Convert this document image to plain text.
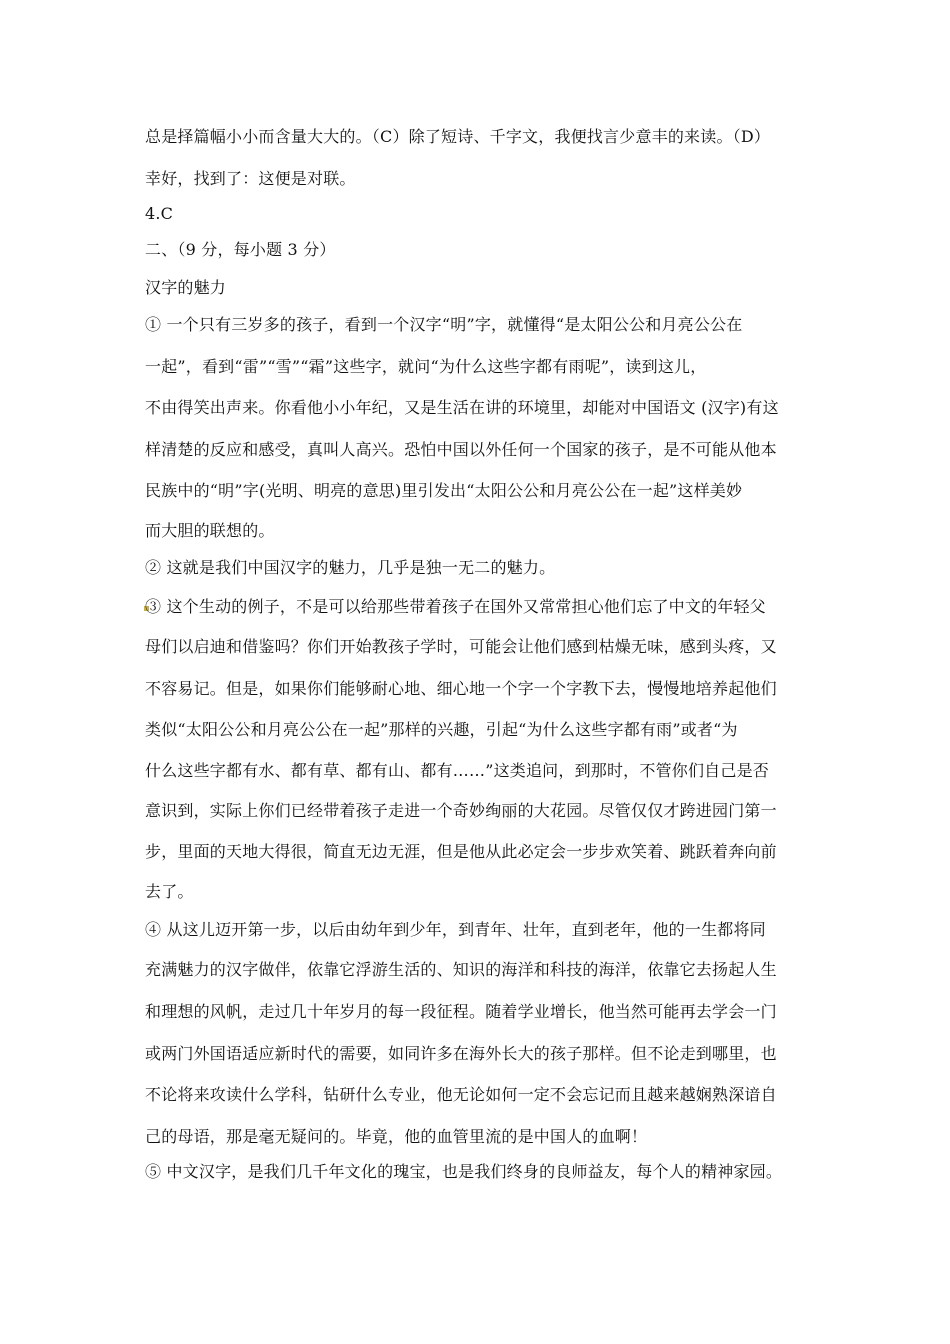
总是择篇幅小小而含量大大的。（C）除了短诗、千字文，我便找言少意丰的来读。（D）
幸好，找到了：这便是对联。
4.C
二、（9 分，每小题 3 分）
汉字的魅力
① 一个只有三岁多的孩子，看到一个汉字“明”字，就懂得“是太阳公公和月亮公公在
一起”，看到“雷”“雪”“霜”这些字，就问“为什么这些字都有雨呢”，读到这儿，
不由得笑出声来。你看他小小年纪，又是生活在讲的环境里，却能对中国语文 (汉字)有这
样清楚的反应和感受，真叫人高兴。恐怕中国以外任何一个国家的孩子，是不可能从他本
民族中的“明”字(光明、明亮的意思)里引发出“太阳公公和月亮公公在一起”这样美妙
而大胆的联想的。
② 这就是我们中国汉字的魅力，几乎是独一无二的魅力。
③ 这个生动的例子，不是可以给那些带着孩子在国外又常常担心他们忘了中文的年轻父
母们以启迪和借鉴吗？你们开始教孩子学时，可能会让他们感到枯燥无味，感到头疼，又
不容易记。但是，如果你们能够耐心地、细心地一个字一个字教下去，慢慢地培养起他们
类似“太阳公公和月亮公公在一起”那样的兴趣，引起“为什么这些字都有雨”或者“为
什么这些字都有水、都有草、都有山、都有……”这类追问，到那时，不管你们自己是否
意识到，实际上你们已经带着孩子走进一个奇妙绚丽的大花园。尽管仅仅才跨进园门第一
步，里面的天地大得很，简直无边无涯，但是他从此必定会一步步欢笑着、跳跃着奔向前
去了。
④ 从这儿迈开第一步，以后由幼年到少年，到青年、壮年，直到老年，他的一生都将同
充满魅力的汉字做伴，依靠它浮游生活的、知识的海洋和科技的海洋，依靠它去扬起人生
和理想的风帆，走过几十年岁月的每一段征程。随着学业增长，他当然可能再去学会一门
或两门外国语适应新时代的需要，如同许多在海外长大的孩子那样。但不论走到哪里，也
不论将来攻读什么学科，钻研什么专业，他无论如何一定不会忘记而且越来越娴熟深谙自
己的母语，那是毫无疑问的。毕竟，他的血管里流的是中国人的血啊！
⑤ 中文汉字，是我们几千年文化的瑰宝，也是我们终身的良师益友，每个人的精神家园。
